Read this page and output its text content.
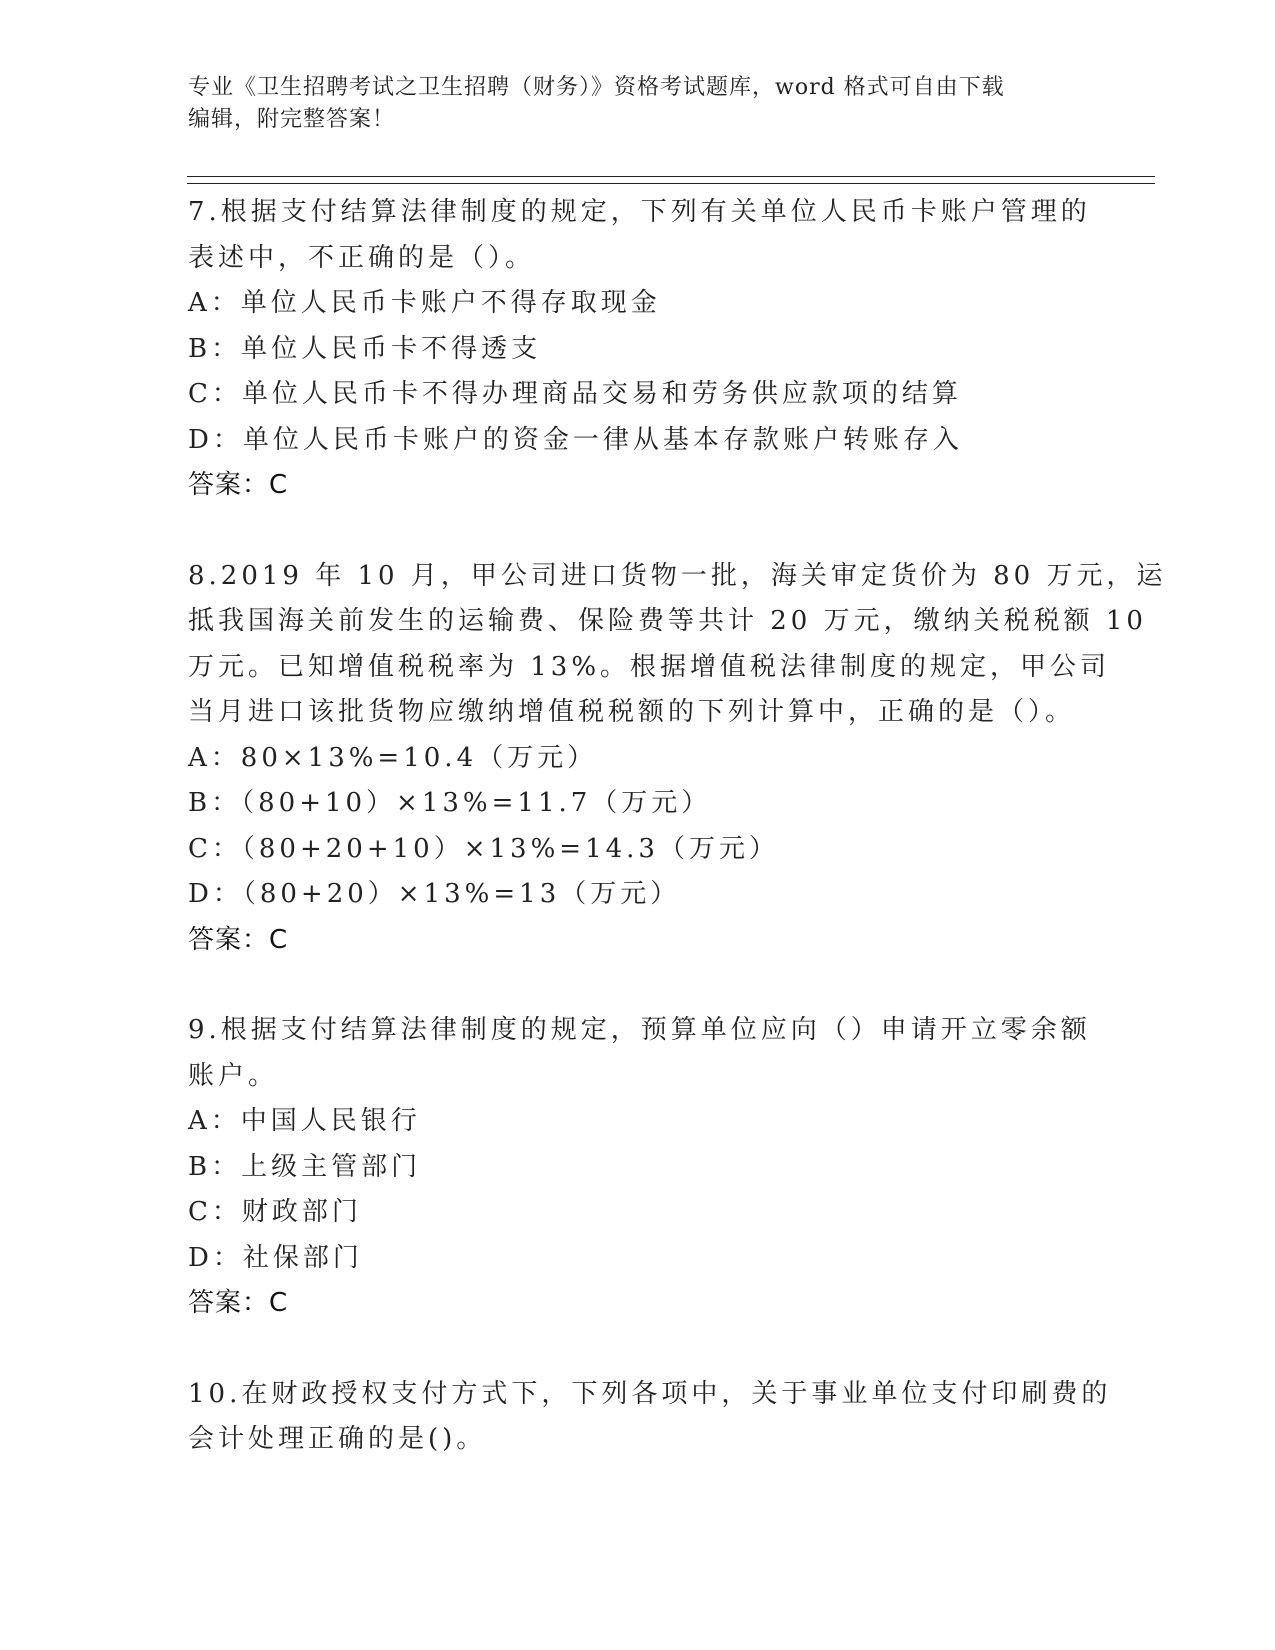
专业《卫生招聘考试之卫生招聘（财务）》资格考试题库，word 格式可自由下载
编辑，附完整答案！
7.根据支付结算法律制度的规定，下列有关单位人民币卡账户管理的
表述中，不正确的是（）。
A：单位人民币卡账户不得存取现金
B：单位人民币卡不得透支
C：单位人民币卡不得办理商品交易和劳务供应款项的结算
D：单位人民币卡账户的资金一律从基本存款账户转账存入
答案：C
8.2019 年 10 月，甲公司进口货物一批，海关审定货价为 80 万元，运
抵我国海关前发生的运输费、保险费等共计 20 万元，缴纳关税税额 10
万元。已知增值税税率为 13%。根据增值税法律制度的规定，甲公司
当月进口该批货物应缴纳增值税税额的下列计算中，正确的是（）。
A：80×13%=10.4（万元）
B：（80+10）×13%=11.7（万元）
C：（80+20+10）×13%=14.3（万元）
D：（80+20）×13%=13（万元）
答案：C
9.根据支付结算法律制度的规定，预算单位应向（）申请开立零余额
账户。
A：中国人民银行
B：上级主管部门
C：财政部门
D：社保部门
答案：C
10.在财政授权支付方式下，下列各项中，关于事业单位支付印刷费的
会计处理正确的是()。
